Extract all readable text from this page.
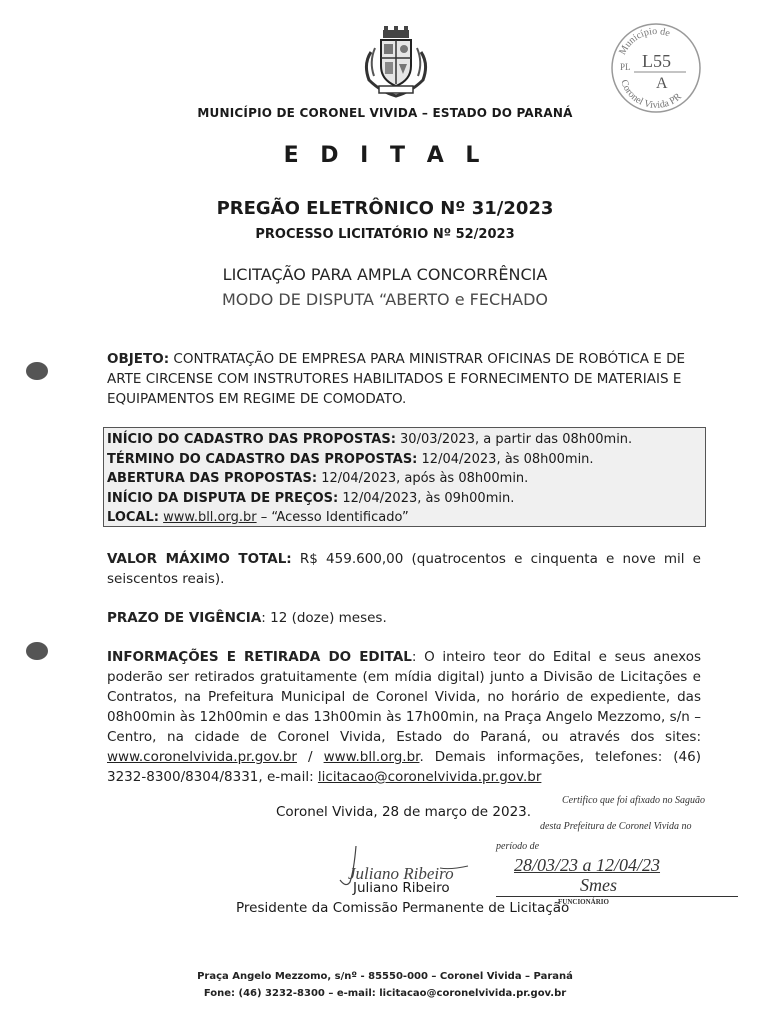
Município de
Coronel Vivida PR
PL L55
A
MUNICÍPIO DE CORONEL VIVIDA – ESTADO DO PARANÁ
E D I T A L
PREGÃO ELETRÔNICO Nº 31/2023
PROCESSO LICITATÓRIO Nº 52/2023
LICITAÇÃO PARA AMPLA CONCORRÊNCIA
MODO DE DISPUTA “ABERTO e FECHADO
OBJETO: CONTRATAÇÃO DE EMPRESA PARA MINISTRAR OFICINAS DE ROBÓTICA E DE ARTE CIRCENSE COM INSTRUTORES HABILITADOS E FORNECIMENTO DE MATERIAIS E EQUIPAMENTOS EM REGIME DE COMODATO.
INÍCIO DO CADASTRO DAS PROPOSTAS: 30/03/2023, a partir das 08h00min.
TÉRMINO DO CADASTRO DAS PROPOSTAS: 12/04/2023, às 08h00min.
ABERTURA DAS PROPOSTAS: 12/04/2023, após às 08h00min.
INÍCIO DA DISPUTA DE PREÇOS: 12/04/2023, às 09h00min.
LOCAL: www.bll.org.br – “Acesso Identificado”
VALOR MÁXIMO TOTAL: R$ 459.600,00 (quatrocentos e cinquenta e nove mil e seiscentos reais).
PRAZO DE VIGÊNCIA: 12 (doze) meses.
INFORMAÇÕES E RETIRADA DO EDITAL: O inteiro teor do Edital e seus anexos poderão ser retirados gratuitamente (em mídia digital) junto a Divisão de Licitações e Contratos, na Prefeitura Municipal de Coronel Vivida, no horário de expediente, das 08h00min às 12h00min e das 13h00min às 17h00min, na Praça Angelo Mezzomo, s/n – Centro, na cidade de Coronel Vivida, Estado do Paraná, ou através dos sites: www.coronelvivida.pr.gov.br / www.bll.org.br. Demais informações, telefones: (46) 3232-8300/8304/8331, e-mail: licitacao@coronelvivida.pr.gov.br
Coronel Vivida, 28 de março de 2023.
Certifico que foi afixado no Saguão
desta Prefeitura de Coronel Vivida no
período de
28/03/23 a 12/04/23
Smes
FUNCIONÁRIO
Juliano Ribeiro
Juliano Ribeiro
Presidente da Comissão Permanente de Licitação
Praça Angelo Mezzomo, s/nº - 85550-000 – Coronel Vivida – Paraná
Fone: (46) 3232-8300 – e-mail: licitacao@coronelvivida.pr.gov.br
